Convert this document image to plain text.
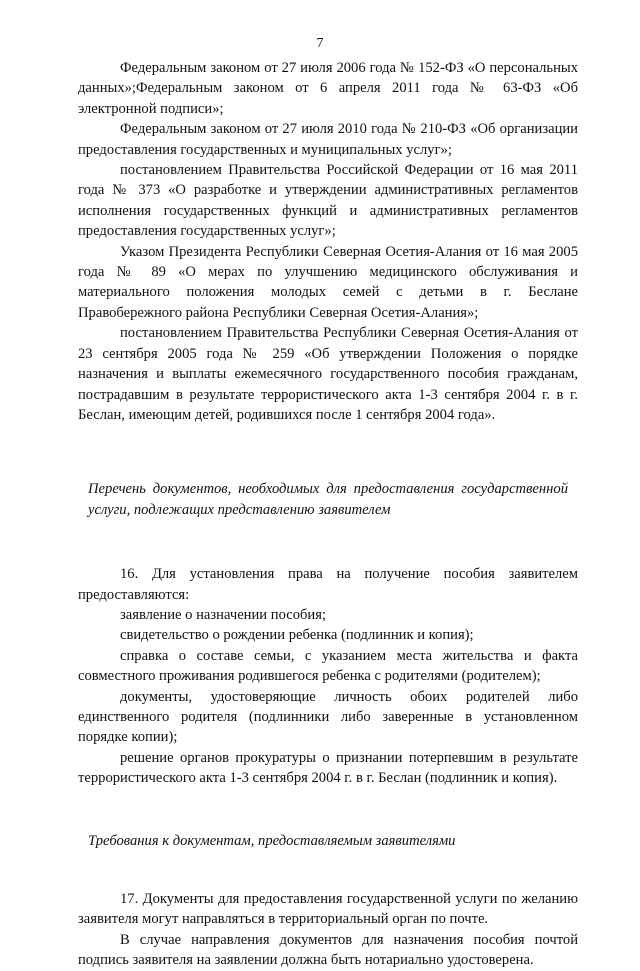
7

Федеральным законом от 27 июля 2006 года № 152-ФЗ «О персональных данных»;Федеральным законом от 6 апреля 2011 года № 63-ФЗ «Об электронной подписи»;

Федеральным законом от 27 июля 2010 года № 210-ФЗ «Об организации предоставления государственных и муниципальных услуг»;

постановлением Правительства Российской Федерации от 16 мая 2011 года № 373 «О разработке и утверждении административных регламентов исполнения государственных функций и административных регламентов предоставления государственных услуг»;

Указом Президента Республики Северная Осетия-Алания от 16 мая 2005 года № 89 «О мерах по улучшению медицинского обслуживания и материального положения молодых семей с детьми в г. Беслане Правобережного района Республики Северная Осетия-Алания»;

постановлением Правительства Республики Северная Осетия-Алания от 23 сентября 2005 года № 259 «Об утверждении Положения о порядке назначения и выплаты ежемесячного государственного пособия гражданам, пострадавшим в результате террористического акта 1-3 сентября 2004 г. в г. Беслан, имеющим детей, родившихся после 1 сентября 2004 года».

Перечень документов, необходимых для предоставления государственной услуги, подлежащих представлению заявителем

16. Для установления права на получение пособия заявителем предоставляются:

заявление о назначении пособия;

свидетельство о рождении ребенка (подлинник и копия);

справка о составе семьи, с указанием места жительства и факта совместного проживания родившегося ребенка с родителями (родителем);

документы, удостоверяющие личность обоих родителей либо единственного родителя (подлинники либо заверенные в установленном порядке копии);

решение органов прокуратуры о признании потерпевшим в результате террористического акта 1-3 сентября 2004 г. в г. Беслан (подлинник и копия).

Требования к документам, предоставляемым заявителями

17. Документы для предоставления государственной услуги по желанию заявителя могут направляться в территориальный орган по почте.

В случае направления документов для назначения пособия почтой подпись заявителя на заявлении должна быть нотариально удостоверена.
